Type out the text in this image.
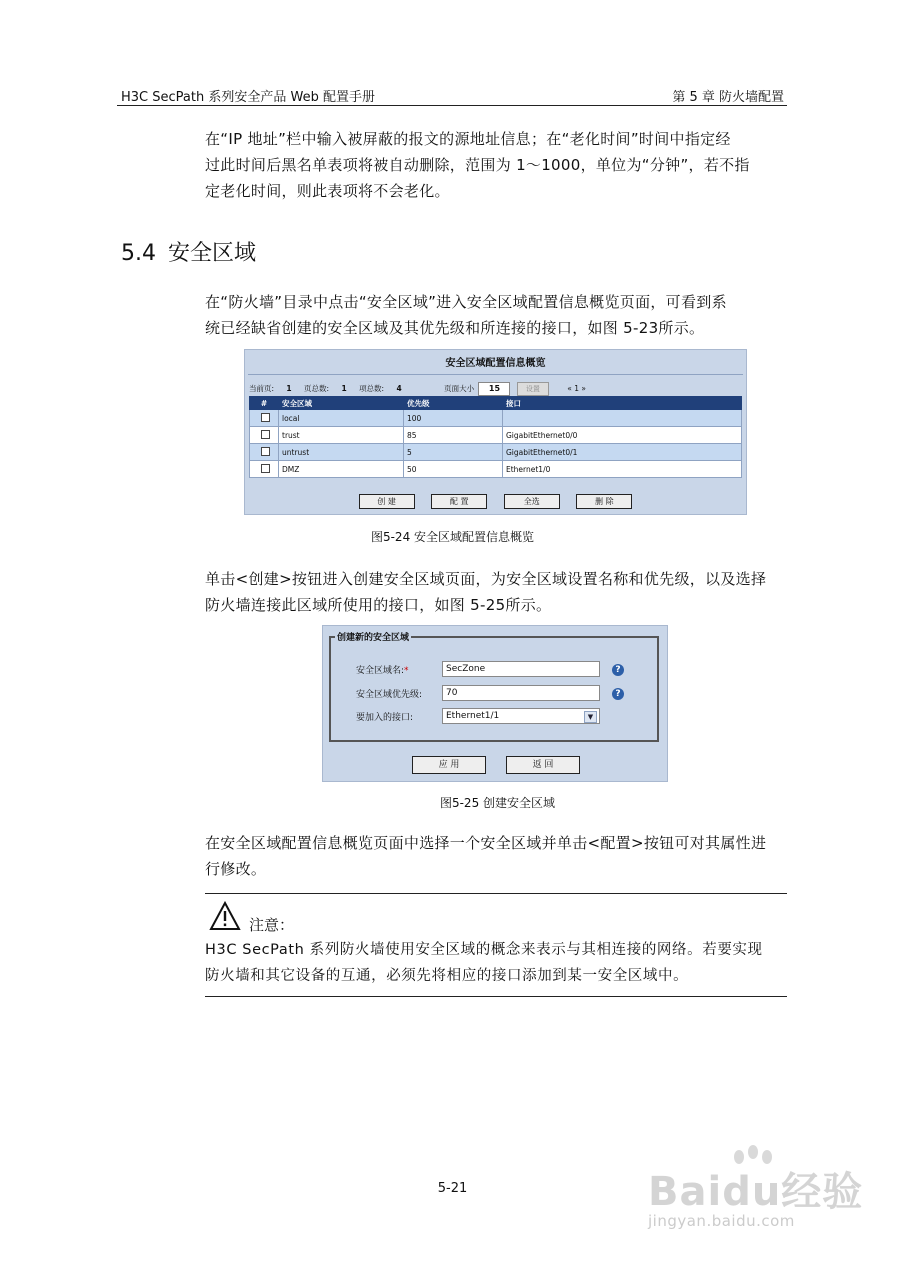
H3C SecPath 系列安全产品 Web 配置手册	第 5 章 防火墙配置
在“IP 地址”栏中输入被屏蔽的报文的源地址信息；在“老化时间”时间中指定经
过此时间后黑名单表项将被自动删除，范围为 1～1000，单位为“分钟”，若不指
定老化时间，则此表项将不会老化。
5.4 安全区域
在“防火墙”目录中点击“安全区域”进入安全区域配置信息概览页面，可看到系
统已经缺省创建的安全区域及其优先级和所连接的接口，如图 5-23所示。
安全区域配置信息概览
当前页: 1 页总数: 1 项总数: 4	页面大小 15	设置	« 1 »
#	安全区域	优先级	接口
	local	100	
	trust	85	GigabitEthernet0/0
	untrust	5	GigabitEthernet0/1
	DMZ	50	Ethernet1/0
创 建	配 置	全选	删 除
图5-24 安全区域配置信息概览
单击<创建>按钮进入创建安全区域页面，为安全区域设置名称和优先级，以及选择
防火墙连接此区域所使用的接口，如图 5-25所示。
创建新的安全区域
安全区域名:*	SecZone	?
安全区域优先级:	70	?
要加入的接口:	Ethernet1/1	▼
应 用	返 回
图5-25 创建安全区域
在安全区域配置信息概览页面中选择一个安全区域并单击<配置>按钮可对其属性进
行修改。
注意：
H3C SecPath 系列防火墙使用安全区域的概念来表示与其相连接的网络。若要实现
防火墙和其它设备的互通，必须先将相应的接口添加到某一安全区域中。
5-21	Baidu经验
jingyan.baidu.com
